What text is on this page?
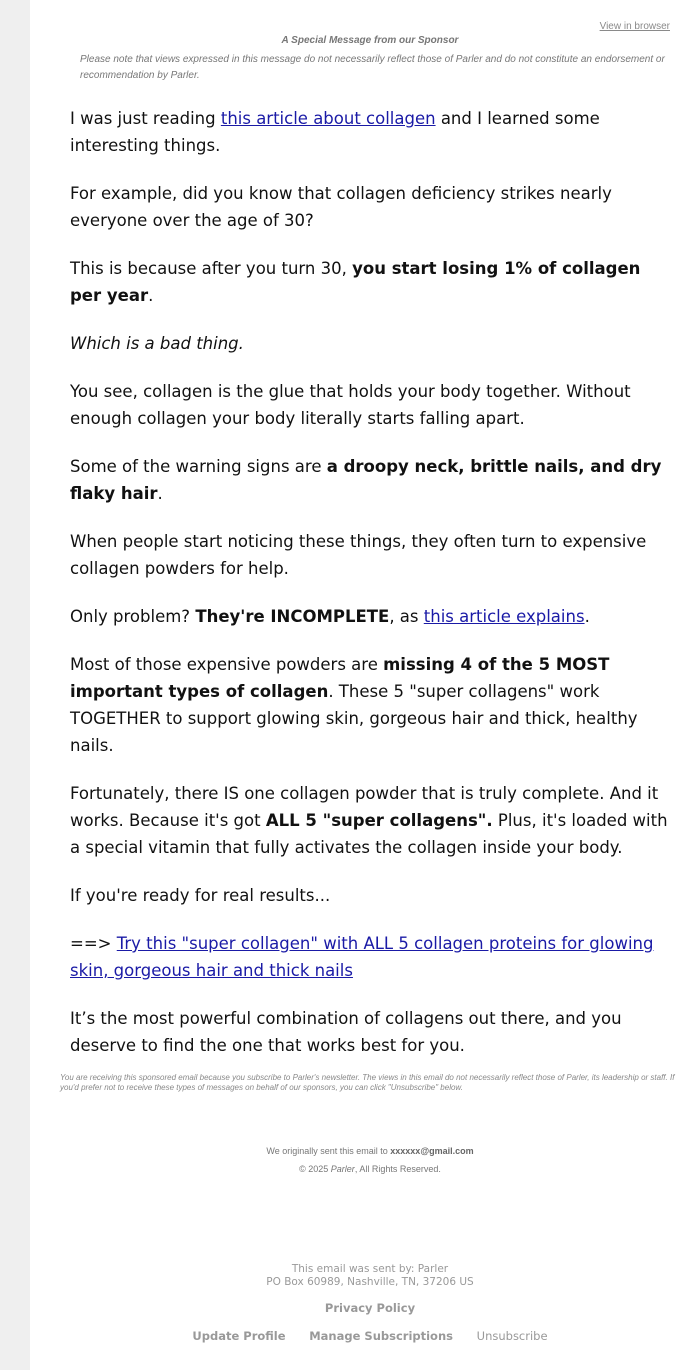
View in browser
A Special Message from our Sponsor
Please note that views expressed in this message do not necessarily reflect those of Parler and do not constitute an endorsement or recommendation by Parler.

I was just reading this article about collagen and I learned some interesting things.

For example, did you know that collagen deficiency strikes nearly everyone over the age of 30?

This is because after you turn 30, you start losing 1% of collagen per year.

Which is a bad thing.

You see, collagen is the glue that holds your body together. Without enough collagen your body literally starts falling apart.

Some of the warning signs are a droopy neck, brittle nails, and dry flaky hair.

When people start noticing these things, they often turn to expensive collagen powders for help.

Only problem? They're INCOMPLETE, as this article explains.

Most of those expensive powders are missing 4 of the 5 MOST important types of collagen. These 5 "super collagens" work TOGETHER to support glowing skin, gorgeous hair and thick, healthy nails.

Fortunately, there IS one collagen powder that is truly complete. And it works. Because it's got ALL 5 "super collagens". Plus, it's loaded with a special vitamin that fully activates the collagen inside your body.

If you're ready for real results...

==> Try this "super collagen" with ALL 5 collagen proteins for glowing skin, gorgeous hair and thick nails

It’s the most powerful combination of collagens out there, and you deserve to find the one that works best for you.

You are receiving this sponsored email because you subscribe to Parler's newsletter. The views in this email do not necessarily reflect those of Parler, its leadership or staff. If you'd prefer not to receive these types of messages on behalf of our sponsors, you can click "Unsubscribe" below.
We originally sent this email to xxxxxx@gmail.com
© 2025 Parler, All Rights Reserved.
This email was sent by: Parler
PO Box 60989, Nashville, TN, 37206 US
Privacy Policy
Update Profile Manage Subscriptions Unsubscribe
